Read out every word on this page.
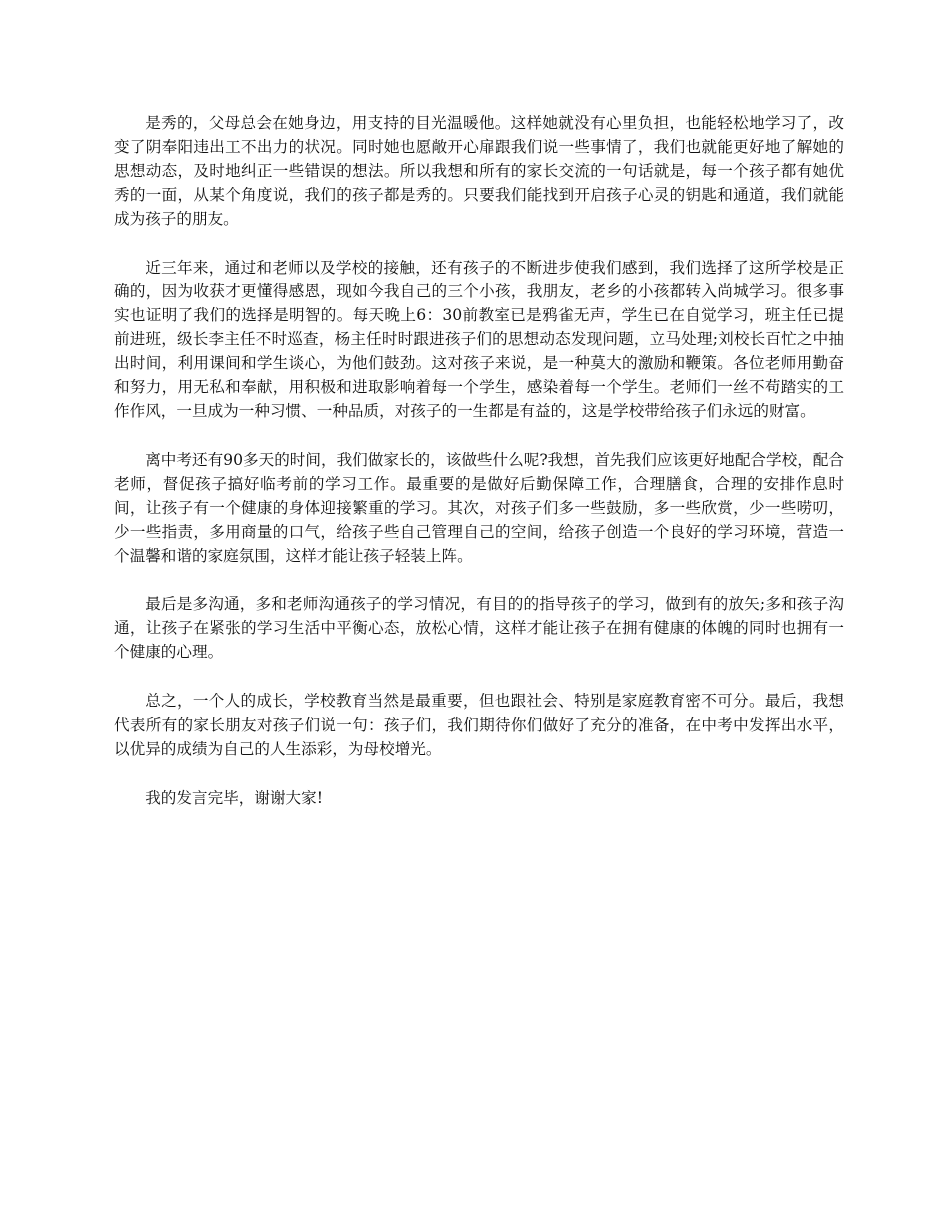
是秀的，父母总会在她身边，用支持的目光温暖他。这样她就没有心里负担，也能轻松地学习了，改变了阴奉阳违出工不出力的状况。同时她也愿敞开心扉跟我们说一些事情了，我们也就能更好地了解她的思想动态，及时地纠正一些错误的想法。所以我想和所有的家长交流的一句话就是，每一个孩子都有她优秀的一面，从某个角度说，我们的孩子都是秀的。只要我们能找到开启孩子心灵的钥匙和通道，我们就能成为孩子的朋友。

近三年来，通过和老师以及学校的接触，还有孩子的不断进步使我们感到，我们选择了这所学校是正确的，因为收获才更懂得感恩，现如今我自己的三个小孩，我朋友，老乡的小孩都转入尚城学习。很多事实也证明了我们的选择是明智的。每天晚上6：30前教室已是鸦雀无声，学生已在自觉学习，班主任已提前进班，级长李主任不时巡查，杨主任时时跟进孩子们的思想动态发现问题，立马处理;刘校长百忙之中抽出时间，利用课间和学生谈心，为他们鼓劲。这对孩子来说，是一种莫大的激励和鞭策。各位老师用勤奋和努力，用无私和奉献，用积极和进取影响着每一个学生，感染着每一个学生。老师们一丝不苟踏实的工作作风，一旦成为一种习惯、一种品质，对孩子的一生都是有益的，这是学校带给孩子们永远的财富。

离中考还有90多天的时间，我们做家长的，该做些什么呢?我想，首先我们应该更好地配合学校，配合老师，督促孩子搞好临考前的学习工作。最重要的是做好后勤保障工作，合理膳食，合理的安排作息时间，让孩子有一个健康的身体迎接繁重的学习。其次，对孩子们多一些鼓励，多一些欣赏，少一些唠叨，少一些指责，多用商量的口气，给孩子些自己管理自己的空间，给孩子创造一个良好的学习环境，营造一个温馨和谐的家庭氛围，这样才能让孩子轻装上阵。

最后是多沟通，多和老师沟通孩子的学习情况，有目的的指导孩子的学习，做到有的放矢;多和孩子沟通，让孩子在紧张的学习生活中平衡心态，放松心情，这样才能让孩子在拥有健康的体魄的同时也拥有一个健康的心理。

总之，一个人的成长，学校教育当然是最重要，但也跟社会、特别是家庭教育密不可分。最后，我想代表所有的家长朋友对孩子们说一句：孩子们，我们期待你们做好了充分的准备，在中考中发挥出水平，以优异的成绩为自己的人生添彩，为母校增光。

我的发言完毕，谢谢大家!
